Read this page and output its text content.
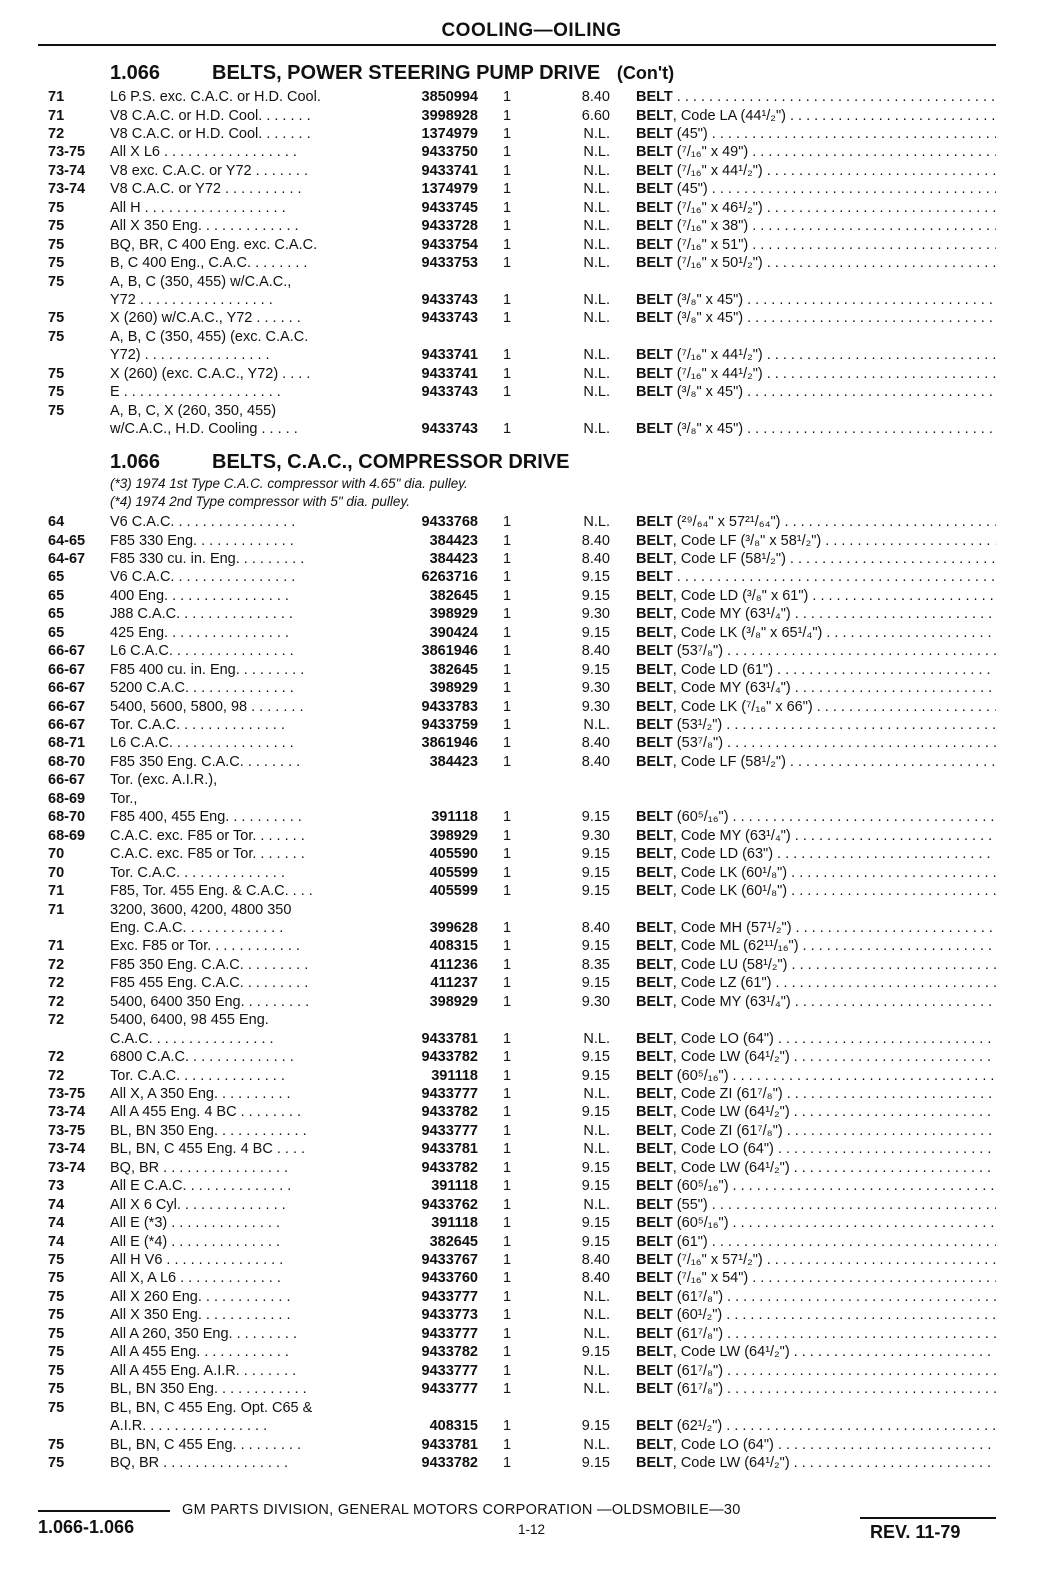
COOLING—OILING
1.066	BELTS, POWER STEERING PUMP DRIVE (Con't)
1.066	BELTS, C.A.C., COMPRESSOR DRIVE
(*3) 1974 1st Type C.A.C. compressor with 4.65" dia. pulley.
(*4) 1974 2nd Type compressor with 5" dia. pulley.
71	L6 P.S. exc. C.A.C. or H.D. Cool.	3850994 1	8.40 BELT . . .
71	V8 C.A.C. or H.D. Cool. . . . . . .	3998928 1	6.60 BELT, Code LA (44¹/₂") . . .
72	V8 C.A.C. or H.D. Cool. . . . . . .	1374979 1	N.L. BELT (45") . . .
73-75	All X L6 . . . . . . . . . . . . . . . . .	9433750 1	N.L. BELT (⁷/₁₆" x 49") . . .
73-74	V8 exc. C.A.C. or Y72 . . . . . . .	9433741 1	N.L. BELT (⁷/₁₆" x 44¹/₂") . . .
73-74	V8 C.A.C. or Y72 . . . . . . . . . .	1374979 1	N.L. BELT (45") . . .
75	All H . . . . . . . . . . . . . . . . . .	9433745 1	N.L. BELT (⁷/₁₆" x 46¹/₂") . . .
75	All X 350 Eng. . . . . . . . . . . . .	9433728 1	N.L. BELT (⁷/₁₆" x 38") . . .
75	BQ, BR, C 400 Eng. exc. C.A.C.	9433754 1	N.L. BELT (⁷/₁₆" x 51") . . .
75	B, C 400 Eng., C.A.C. . . . . . . .	9433753 1	N.L. BELT (⁷/₁₆" x 50¹/₂") . . .
75	A, B, C (350, 455) w/C.A.C.,
Y72 . . . . . . . . . . . . . . . . .	9433743 1	N.L. BELT (³/₈" x 45") . . .
75	X (260) w/C.A.C., Y72 . . . . . .	9433743 1	N.L. BELT (³/₈" x 45") . . .
75	A, B, C (350, 455) (exc. C.A.C.
Y72) . . . . . . . . . . . . . . . .	9433741 1	N.L. BELT (⁷/₁₆" x 44¹/₂") . . .
75	X (260) (exc. C.A.C., Y72) . . . .	9433741 1	N.L. BELT (⁷/₁₆" x 44¹/₂") . . .
75	E . . . . . . . . . . . . . . . . . . . .	9433743 1	N.L. BELT (³/₈" x 45") . . .
75	A, B, C, X (260, 350, 455)
w/C.A.C., H.D. Cooling . . . . .	9433743 1	N.L. BELT (³/₈" x 45") . . .
64	V6 C.A.C. . . . . . . . . . . . . . . .	9433768 1	N.L. BELT (²⁹/₆₄" x 57²¹/₆₄") . . .
64-65	F85 330 Eng. . . . . . . . . . . . .	384423 1	8.40 BELT, Code LF (³/₈" x 58¹/₂") . . .
64-67	F85 330 cu. in. Eng. . . . . . . . .	384423 1	8.40 BELT, Code LF (58¹/₂") . . .
65	V6 C.A.C. . . . . . . . . . . . . . . .	6263716 1	9.15 BELT . . .
65	400 Eng. . . . . . . . . . . . . . . .	382645 1	9.15 BELT, Code LD (³/₈" x 61") . . .
65	J88 C.A.C. . . . . . . . . . . . . . .	398929 1	9.30 BELT, Code MY (63¹/₄") . . .
65	425 Eng. . . . . . . . . . . . . . . .	390424 1	9.15 BELT, Code LK (³/₈" x 65¹/₄") . . .
66-67	L6 C.A.C. . . . . . . . . . . . . . . .	3861946 1	8.40 BELT (53⁷/₈") . . .
66-67	F85 400 cu. in. Eng. . . . . . . . .	382645 1	9.15 BELT, Code LD (61") . . .
66-67	5200 C.A.C. . . . . . . . . . . . . .	398929 1	9.30 BELT, Code MY (63¹/₄") . . .
66-67	5400, 5600, 5800, 98 . . . . . . .	9433783 1	9.30 BELT, Code LK (⁷/₁₆" x 66") . . .
66-67	Tor. C.A.C. . . . . . . . . . . . . .	9433759 1	N.L. BELT (53¹/₂") . . .
68-71	L6 C.A.C. . . . . . . . . . . . . . . .	3861946 1	8.40 BELT (53⁷/₈") . . .
68-70	F85 350 Eng. C.A.C. . . . . . . .	384423 1	8.40 BELT, Code LF (58¹/₂") . . .
66-67	Tor. (exc. A.I.R.),
68-69	Tor.,
68-70	F85 400, 455 Eng. . . . . . . . . .	391118 1	9.15 BELT (60⁵/₁₆") . . .
68-69	C.A.C. exc. F85 or Tor. . . . . . .	398929 1	9.30 BELT, Code MY (63¹/₄") . . .
70	C.A.C. exc. F85 or Tor. . . . . . .	405590 1	9.15 BELT, Code LD (63") . . .
70	Tor. C.A.C. . . . . . . . . . . . . .	405599 1	9.15 BELT, Code LK (60¹/₈") . . .
71	F85, Tor. 455 Eng. & C.A.C. . . .	405599 1	9.15 BELT, Code LK (60¹/₈") . . .
71	3200, 3600, 4200, 4800 350
Eng. C.A.C. . . . . . . . . . . . .	399628 1	8.40 BELT, Code MH (57¹/₂") . . .
71	Exc. F85 or Tor. . . . . . . . . . . .	408315 1	9.15 BELT, Code ML (62¹¹/₁₆") . . .
72	F85 350 Eng. C.A.C. . . . . . . . .	411236 1	8.35 BELT, Code LU (58¹/₂") . . .
72	F85 455 Eng. C.A.C. . . . . . . . .	411237 1	9.15 BELT, Code LZ (61") . . .
72	5400, 6400 350 Eng. . . . . . . . .	398929 1	9.30 BELT, Code MY (63¹/₄") . . .
72	5400, 6400, 98 455 Eng.
C.A.C. . . . . . . . . . . . . . . .	9433781 1	N.L. BELT, Code LO (64") . . .
72	6800 C.A.C. . . . . . . . . . . . . .	9433782 1	9.15 BELT, Code LW (64¹/₂") . . .
72	Tor. C.A.C. . . . . . . . . . . . . .	391118 1	9.15 BELT (60⁵/₁₆") . . .
73-75	All X, A 350 Eng. . . . . . . . . .	9433777 1	N.L. BELT, Code ZI (61⁷/₈") . . .
73-74	All A 455 Eng. 4 BC . . . . . . . .	9433782 1	9.15 BELT, Code LW (64¹/₂") . . .
73-75	BL, BN 350 Eng. . . . . . . . . . . .	9433777 1	N.L. BELT, Code ZI (61⁷/₈") . . .
73-74	BL, BN, C 455 Eng. 4 BC . . . .	9433781 1	N.L. BELT, Code LO (64") . . .
73-74	BQ, BR . . . . . . . . . . . . . . . .	9433782 1	9.15 BELT, Code LW (64¹/₂") . . .
73	All E C.A.C. . . . . . . . . . . . . .	391118 1	9.15 BELT (60⁵/₁₆") . . .
74	All X 6 Cyl. . . . . . . . . . . . . .	9433762 1	N.L. BELT (55") . . .
74	All E (*3) . . . . . . . . . . . . . .	391118 1	9.15 BELT (60⁵/₁₆") . . .
74	All E (*4) . . . . . . . . . . . . . .	382645 1	9.15 BELT (61") . . .
75	All H V6 . . . . . . . . . . . . . . .	9433767 1	8.40 BELT (⁷/₁₆" x 57¹/₂") . . .
75	All X, A L6 . . . . . . . . . . . . .	9433760 1	8.40 BELT (⁷/₁₆" x 54") . . .
75	All X 260 Eng. . . . . . . . . . . .	9433777 1	N.L. BELT (61⁷/₈") . . .
75	All X 350 Eng. . . . . . . . . . . .	9433773 1	N.L. BELT (60¹/₂") . . .
75	All A 260, 350 Eng. . . . . . . . .	9433777 1	N.L. BELT (61⁷/₈") . . .
75	All A 455 Eng. . . . . . . . . . . .	9433782 1	9.15 BELT, Code LW (64¹/₂") . . .
75	All A 455 Eng. A.I.R. . . . . . . .	9433777 1	N.L. BELT (61⁷/₈") . . .
75	BL, BN 350 Eng. . . . . . . . . . . .	9433777 1	N.L. BELT (61⁷/₈") . . .
75	BL, BN, C 455 Eng. Opt. C65 &
A.I.R. . . . . . . . . . . . . . . .	408315 1	9.15 BELT (62¹/₂") . . .
75	BL, BN, C 455 Eng. . . . . . . . .	9433781 1	N.L. BELT, Code LO (64") . . .
75	BQ, BR . . . . . . . . . . . . . . . .	9433782 1	9.15 BELT, Code LW (64¹/₂") . . .
GM PARTS DIVISION, GENERAL MOTORS CORPORATION —OLDSMOBILE—30
1.066-1.066	1-12	REV. 11-79
